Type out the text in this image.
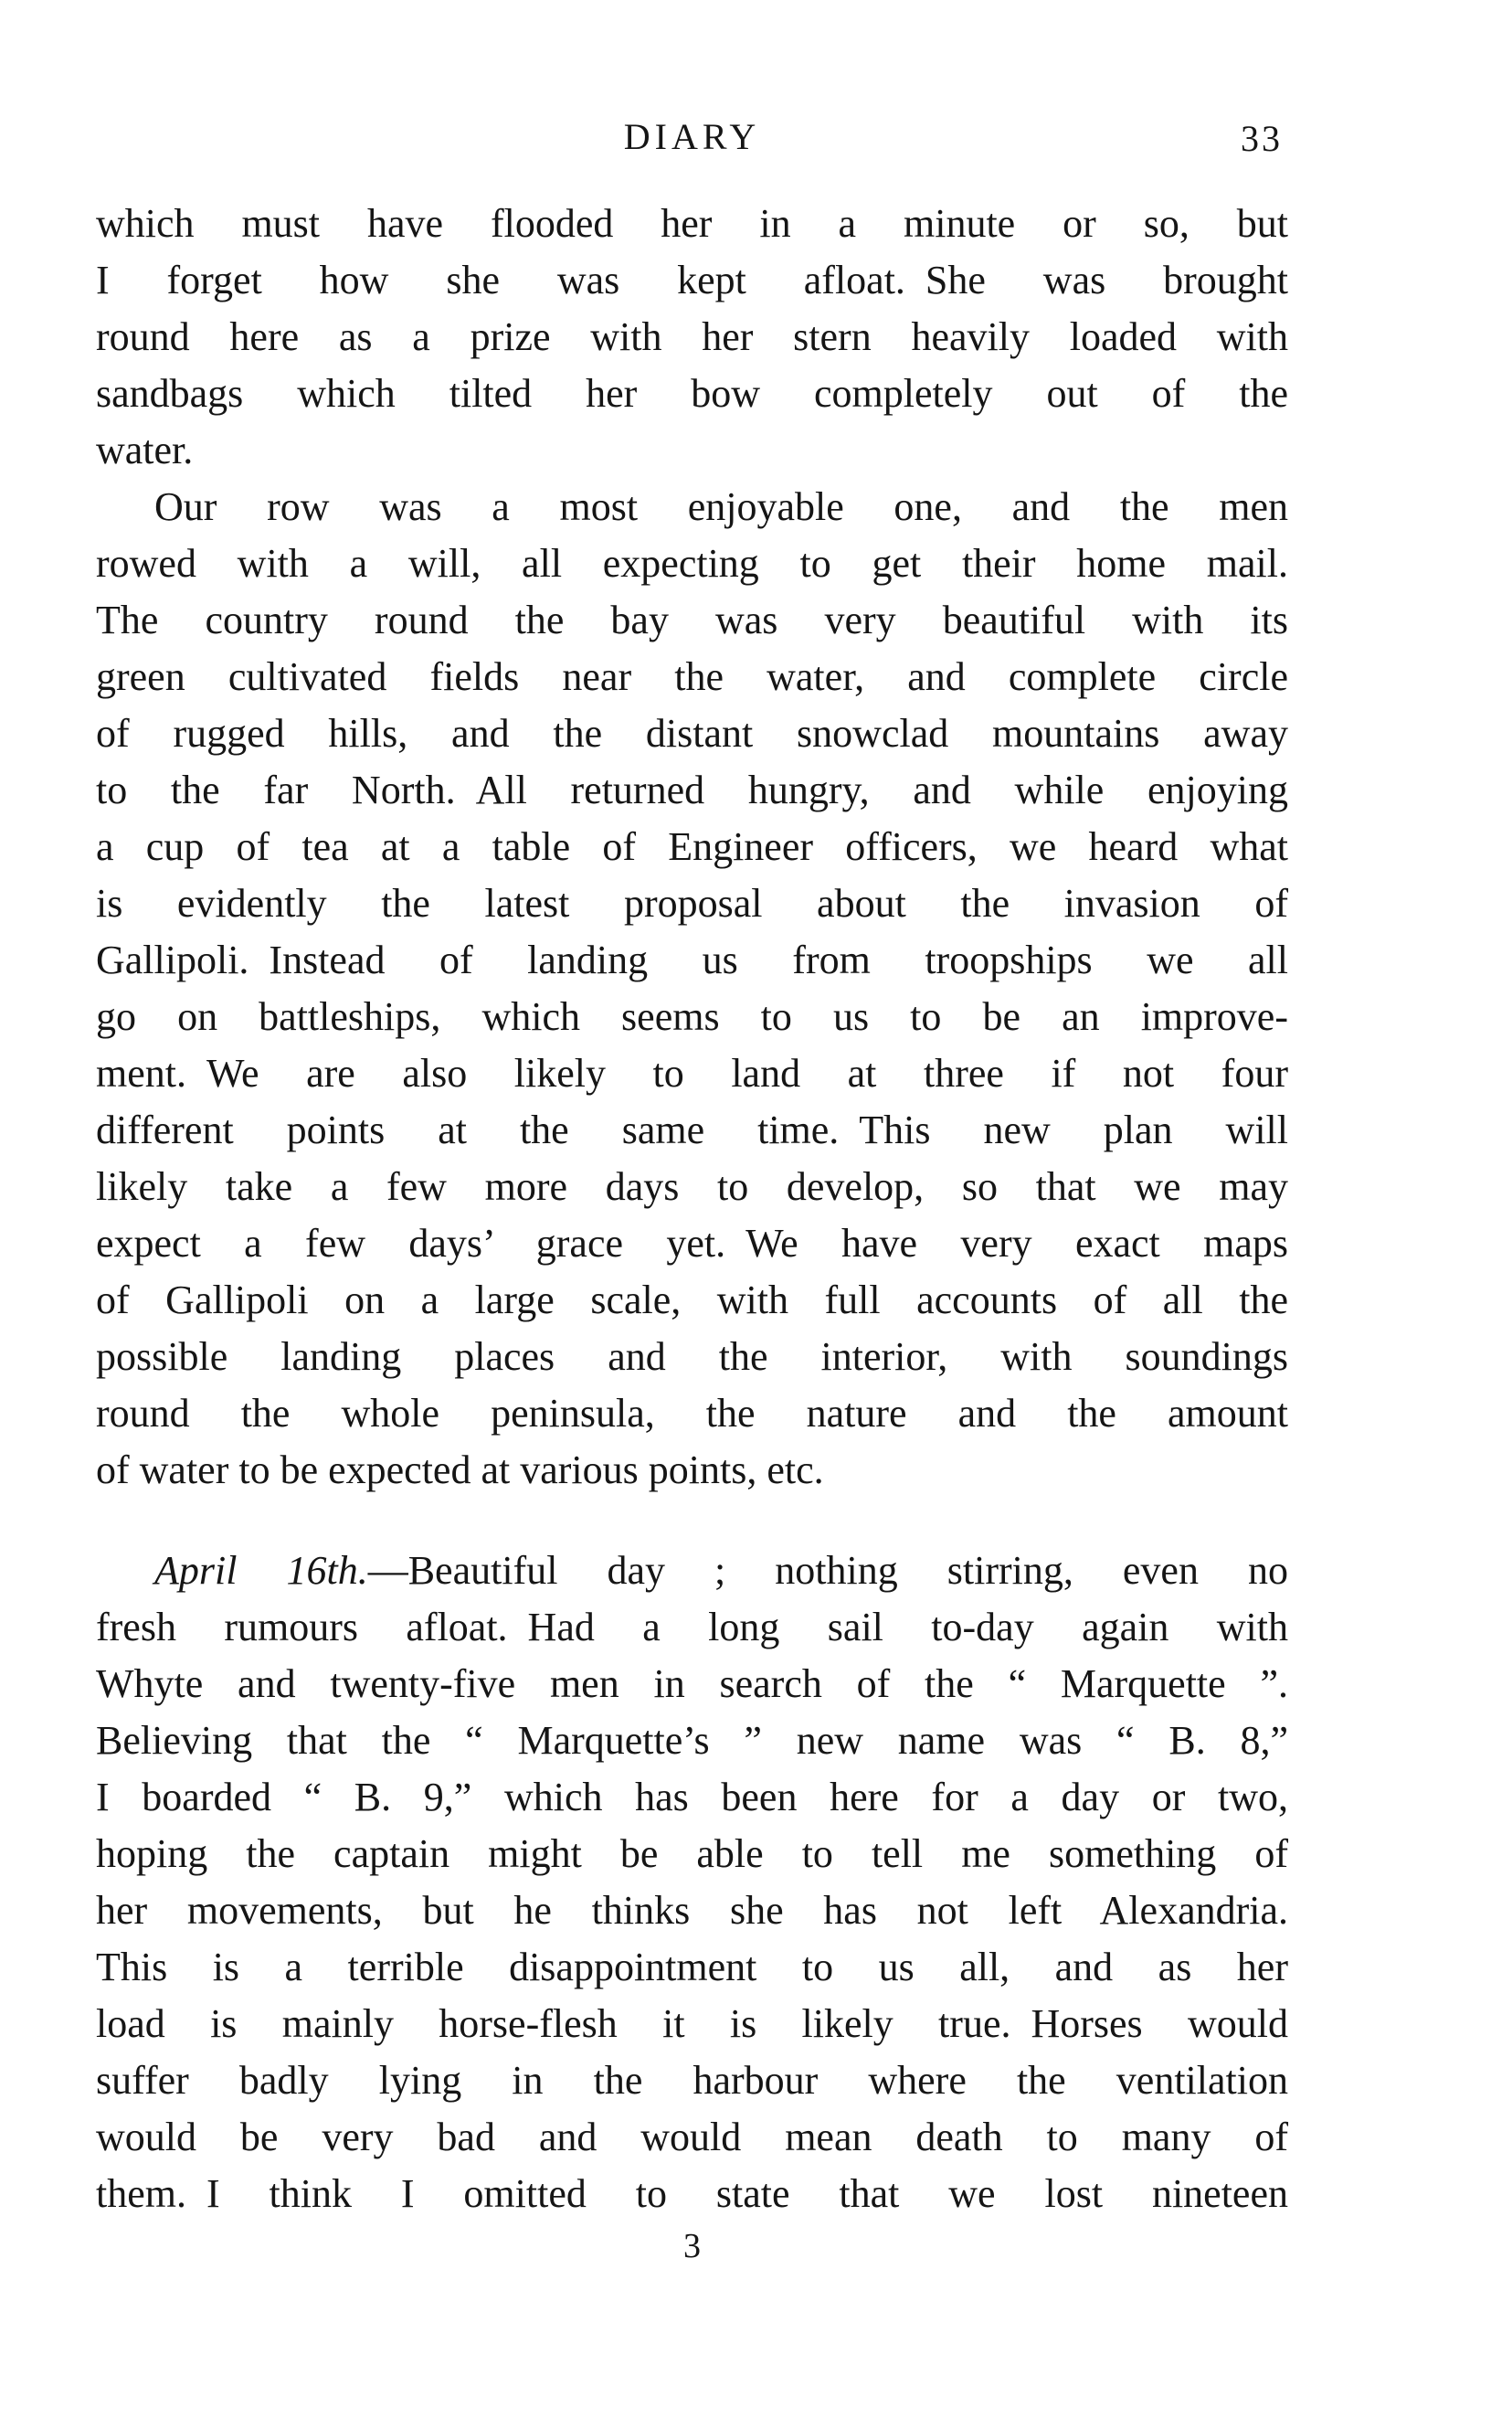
DIARY	33
which must have flooded her in a minute or so, but
I forget how she was kept afloat. She was brought
round here as a prize with her stern heavily loaded with
sandbags which tilted her bow completely out of the
water.
Our row was a most enjoyable one, and the men
rowed with a will, all expecting to get their home mail.
The country round the bay was very beautiful with its
green cultivated fields near the water, and complete circle
of rugged hills, and the distant snowclad mountains away
to the far North. All returned hungry, and while enjoying
a cup of tea at a table of Engineer officers, we heard what
is evidently the latest proposal about the invasion of
Gallipoli. Instead of landing us from troopships we all
go on battleships, which seems to us to be an improve-
ment. We are also likely to land at three if not four
different points at the same time. This new plan will
likely take a few more days to develop, so that we may
expect a few days’ grace yet. We have very exact maps
of Gallipoli on a large scale, with full accounts of all the
possible landing places and the interior, with soundings
round the whole peninsula, the nature and the amount
of water to be expected at various points, etc.
April 16th.—Beautiful day ; nothing stirring, even no
fresh rumours afloat. Had a long sail to-day again with
Whyte and twenty-five men in search of the “ Marquette ”.
Believing that the “ Marquette’s ” new name was “ B. 8,”
I boarded “ B. 9,” which has been here for a day or two,
hoping the captain might be able to tell me something of
her movements, but he thinks she has not left Alexandria.
This is a terrible disappointment to us all, and as her
load is mainly horse-flesh it is likely true. Horses would
suffer badly lying in the harbour where the ventilation
would be very bad and would mean death to many of
them. I think I omitted to state that we lost nineteen
3
